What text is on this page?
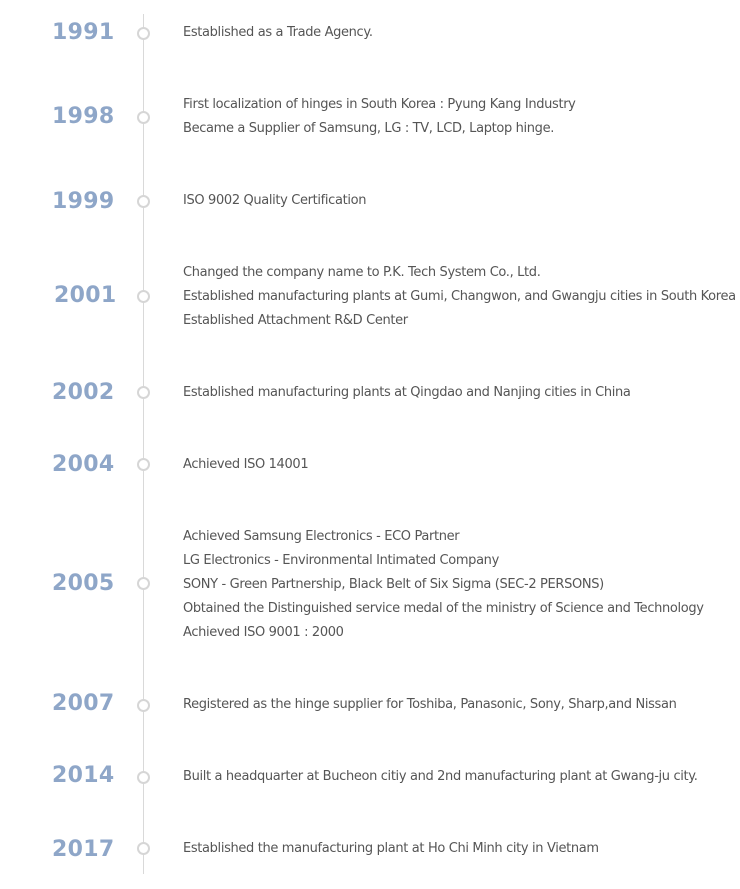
1991	Established as a Trade Agency.
1998	First localization of hinges in South Korea : Pyung Kang Industry
Became a Supplier of Samsung, LG : TV, LCD, Laptop hinge.
1999	ISO 9002 Quality Certification
2001
Changed the company name to P.K. Tech System Co., Ltd.
Established manufacturing plants at Gumi, Changwon, and Gwangju cities in South Korea
Established Attachment R&D Center
2002	Established manufacturing plants at Qingdao and Nanjing cities in China
2004	Achieved ISO 14001
2005
Achieved Samsung Electronics - ECO Partner
LG Electronics - Environmental Intimated Company
SONY - Green Partnership, Black Belt of Six Sigma (SEC-2 PERSONS)
Obtained the Distinguished service medal of the ministry of Science and Technology
Achieved ISO 9001 : 2000
2007	Registered as the hinge supplier for Toshiba, Panasonic, Sony, Sharp,and Nissan
2014	Built a headquarter at Bucheon citiy and 2nd manufacturing plant at Gwang-ju city.
2017	Established the manufacturing plant at Ho Chi Minh city in Vietnam
